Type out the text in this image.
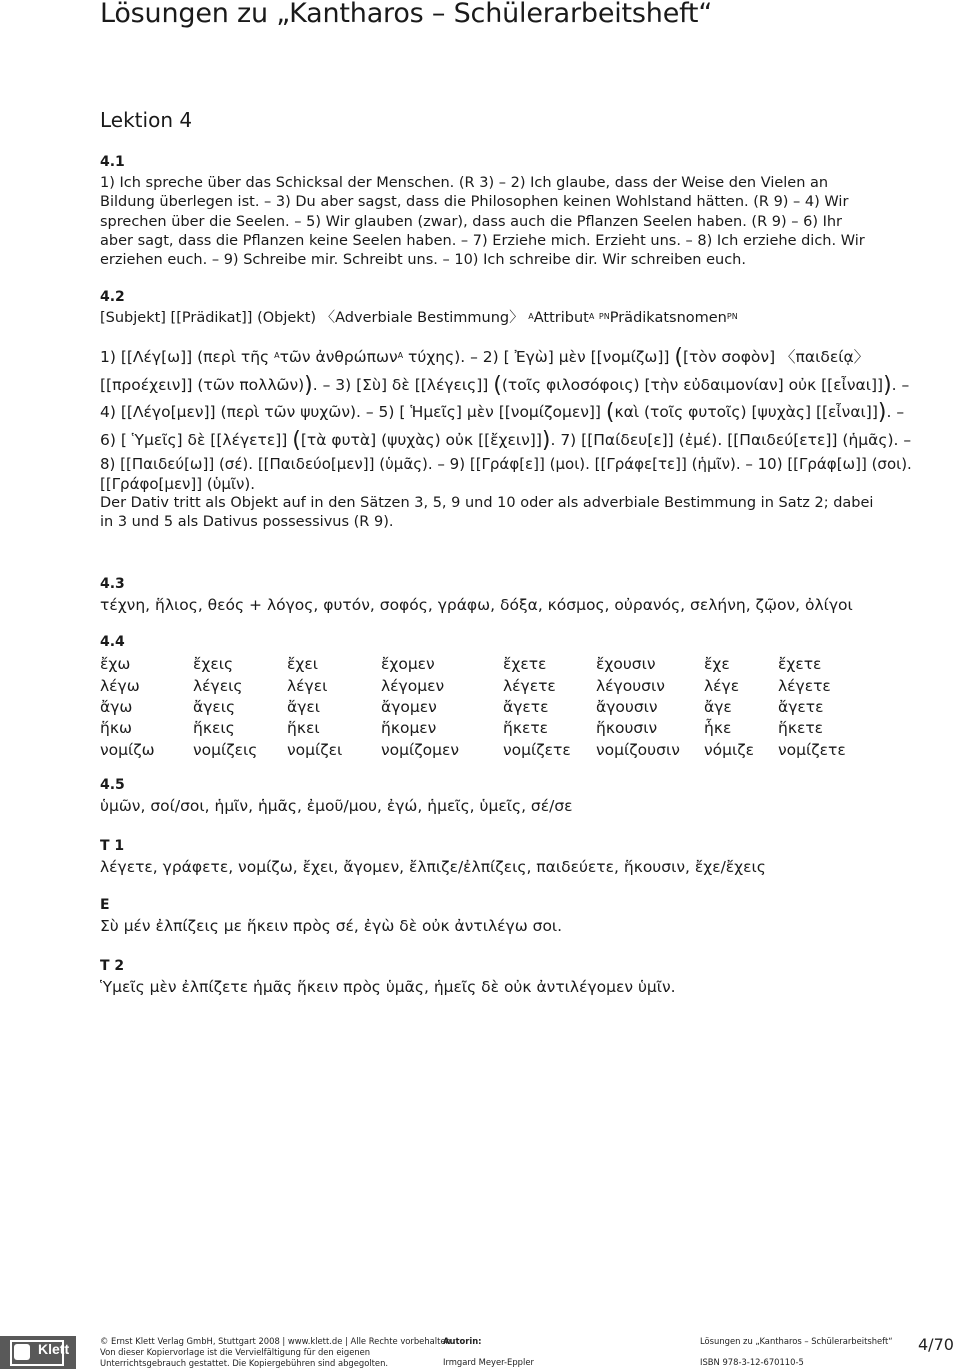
Lösungen zu „Kantharos – Schülerarbeitsheft“
Lektion 4
4.1
1) Ich spreche über das Schicksal der Menschen. (R 3) – 2) Ich glaube, dass der Weise den Vielen an
Bildung überlegen ist. – 3) Du aber sagst, dass die Philosophen keinen Wohlstand hätten. (R 9) – 4) Wir
sprechen über die Seelen. – 5) Wir glauben (zwar), dass auch die Pflanzen Seelen haben. (R 9) – 6) Ihr
aber sagt, dass die Pflanzen keine Seelen haben. – 7) Erziehe mich. Erzieht uns. – 8) Ich erziehe dich. Wir
erziehen euch. – 9) Schreibe mir. Schreibt uns. – 10) Ich schreibe dir. Wir schreiben euch.
4.2
[Subjekt] [[Prädikat]] (Objekt) 〈Adverbiale Bestimmung〉 $^A$Attribut$^A$ $^{PN}$Prädikatsnomen$^{PN}$
1) [[Λέγ[ω]] (περὶ τῆς $^A$τῶν ἀνθρώπων$^A$ τύχης). – 2) [ Ἐγὼ] μὲν [[νομίζω]] ([τὸν σοφὸν] 〈παιδείᾳ〉
[[προέχειν]] (τῶν πολλῶν)). – 3) [Σὺ] δὲ [[λέγεις]] ((τοῖς φιλοσόφοις) [τὴν εὐδαιμονίαν] οὐκ [[εἶναι]]). –
4) [[Λέγο[μεν]] (περὶ τῶν ψυχῶν). – 5) [ Ἡμεῖς] μὲν [[νομίζομεν]] (καὶ (τοῖς φυτοῖς) [ψυχὰς] [[εἶναι]]). –
6) [ Ὑμεῖς] δὲ [[λέγετε]] ([τὰ φυτὰ] (ψυχὰς) οὐκ [[ἔχειν]]). 7) [[Παίδευ[ε]] (ἐμέ). [[Παιδεύ[ετε]] (ἡμᾶς). –
8) [[Παιδεύ[ω]] (σέ). [[Παιδεύο[μεν]] (ὑμᾶς). – 9) [[Γράφ[ε]] (μοι). [[Γράφε[τε]] (ἡμῖν). – 10) [[Γράφ[ω]] (σοι).
[[Γράφο[μεν]] (ὑμῖν).
Der Dativ tritt als Objekt auf in den Sätzen 3, 5, 9 und 10 oder als adverbiale Bestimmung in Satz 2; dabei
in 3 und 5 als Dativus possessivus (R 9).
4.3
τέχνη, ἥλιος, θεός + λόγος, φυτόν, σοφός, γράφω, δόξα, κόσμος, οὐρανός, σελήνη, ζῷον, ὀλίγοι
4.4
ἔχω	ἔχεις	ἔχει	ἔχομεν	ἔχετε	ἔχουσιν	ἔχε	ἔχετε
λέγω	λέγεις	λέγει	λέγομεν	λέγετε	λέγουσιν	λέγε	λέγετε
ἄγω	ἄγεις	ἄγει	ἄγομεν	ἄγετε	ἄγουσιν	ἄγε	ἄγετε
ἥκω	ἥκεις	ἥκει	ἥκομεν	ἥκετε	ἥκουσιν	ἧκε	ἥκετε
νομίζω	νομίζεις	νομίζει	νομίζομεν	νομίζετε	νομίζουσιν	νόμιζε	νομίζετε
4.5
ὑμῶν, σοί/σοι, ἡμῖν, ἡμᾶς, ἐμοῦ/μου, ἐγώ, ἡμεῖς, ὑμεῖς, σέ/σε
T 1
λέγετε, γράφετε, νομίζω, ἔχει, ἄγομεν, ἔλπιζε/ἐλπίζεις, παιδεύετε, ἥκουσιν, ἔχε/ἔχεις
E
Σὺ μέν ἐλπίζεις με ἥκειν πρὸς σέ, ἐγὼ δὲ οὐκ ἀντιλέγω σοι.
T 2
Ὑμεῖς μὲν ἐλπίζετε ἡμᾶς ἥκειν πρὸς ὑμᾶς, ἡμεῖς δὲ οὐκ ἀντιλέγομεν ὑμῖν.
Klett	© Ernst Klett Verlag GmbH, Stuttgart 2008 | www.klett.de | Alle Rechte vorbehalten
Von dieser Kopiervorlage ist die Vervielfältigung für den eigenen
Unterrichtsgebrauch gestattet. Die Kopiergebühren sind abgegolten.
Autorin:
Irmgard Meyer-Eppler
Lösungen zu „Kantharos – Schülerarbeitsheft“
ISBN 978-3-12-670110-5
4/70
